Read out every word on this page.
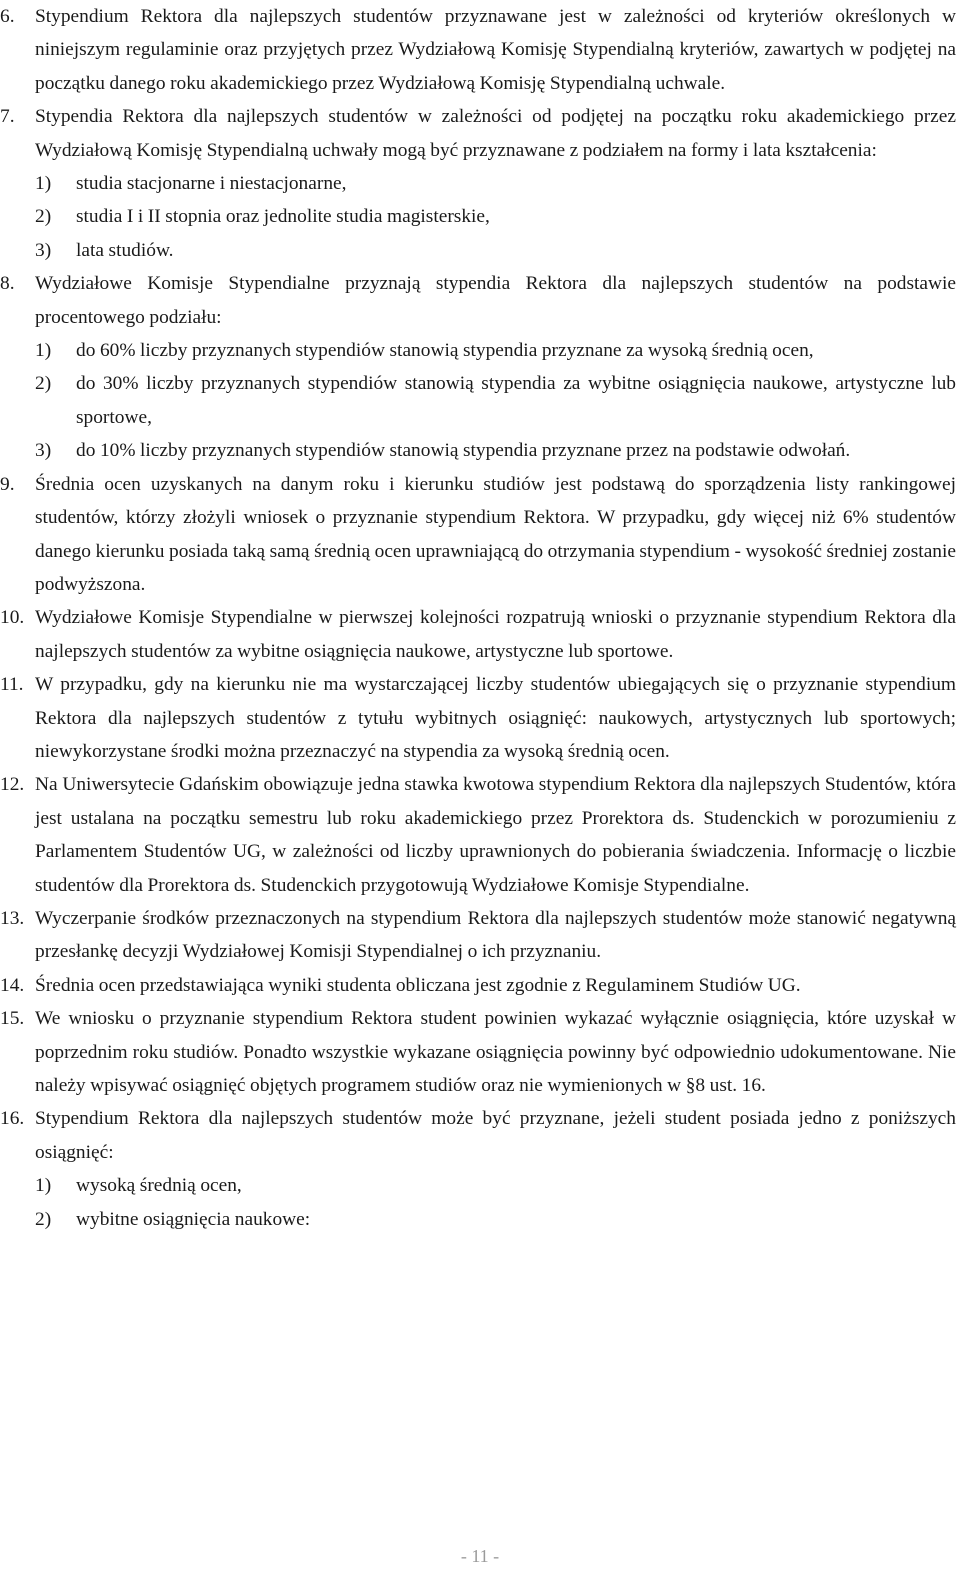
6. Stypendium Rektora dla najlepszych studentów przyznawane jest w zależności od kryteriów określonych w niniejszym regulaminie oraz przyjętych przez Wydziałową Komisję Stypendialną kryteriów, zawartych w podjętej na początku danego roku akademickiego przez Wydziałową Komisję Stypendialną uchwale.
7. Stypendia Rektora dla najlepszych studentów w zależności od podjętej na początku roku akademickiego przez Wydziałową Komisję Stypendialną uchwały mogą być przyznawane z podziałem na formy i lata kształcenia:
1) studia stacjonarne i niestacjonarne,
2) studia I i II stopnia oraz jednolite studia magisterskie,
3) lata studiów.
8. Wydziałowe Komisje Stypendialne przyznają stypendia Rektora dla najlepszych studentów na podstawie procentowego podziału:
1) do 60% liczby przyznanych stypendiów stanowią stypendia przyznane za wysoką średnią ocen,
2) do 30% liczby przyznanych stypendiów stanowią stypendia za wybitne osiągnięcia naukowe, artystyczne lub sportowe,
3) do 10% liczby przyznanych stypendiów stanowią stypendia przyznane przez na podstawie odwołań.
9. Średnia ocen uzyskanych na danym roku i kierunku studiów jest podstawą do sporządzenia listy rankingowej studentów, którzy złożyli wniosek o przyznanie stypendium Rektora. W przypadku, gdy więcej niż 6% studentów danego kierunku posiada taką samą średnią ocen uprawniającą do otrzymania stypendium - wysokość średniej zostanie podwyższona.
10. Wydziałowe Komisje Stypendialne w pierwszej kolejności rozpatrują wnioski o przyznanie stypendium Rektora dla najlepszych studentów za wybitne osiągnięcia naukowe, artystyczne lub sportowe.
11. W przypadku, gdy na kierunku nie ma wystarczającej liczby studentów ubiegających się o przyznanie stypendium Rektora dla najlepszych studentów z tytułu wybitnych osiągnięć: naukowych, artystycznych lub sportowych; niewykorzystane środki można przeznaczyć na stypendia za wysoką średnią ocen.
12. Na Uniwersytecie Gdańskim obowiązuje jedna stawka kwotowa stypendium Rektora dla najlepszych Studentów, która jest ustalana na początku semestru lub roku akademickiego przez Prorektora ds. Studenckich w porozumieniu z Parlamentem Studentów UG, w zależności od liczby uprawnionych do pobierania świadczenia. Informację o liczbie studentów dla Prorektora ds. Studenckich przygotowują Wydziałowe Komisje Stypendialne.
13. Wyczerpanie środków przeznaczonych na stypendium Rektora dla najlepszych studentów może stanowić negatywną przesłankę decyzji Wydziałowej Komisji Stypendialnej o ich przyznaniu.
14. Średnia ocen przedstawiająca wyniki studenta obliczana jest zgodnie z Regulaminem Studiów UG.
15. We wniosku o przyznanie stypendium Rektora student powinien wykazać wyłącznie osiągnięcia, które uzyskał w poprzednim roku studiów. Ponadto wszystkie wykazane osiągnięcia powinny być odpowiednio udokumentowane. Nie należy wpisywać osiągnięć objętych programem studiów oraz nie wymienionych w §8 ust. 16.
16. Stypendium Rektora dla najlepszych studentów może być przyznane, jeżeli student posiada jedno z poniższych osiągnięć:
1) wysoką średnią ocen,
2) wybitne osiągnięcia naukowe:
- 11 -
